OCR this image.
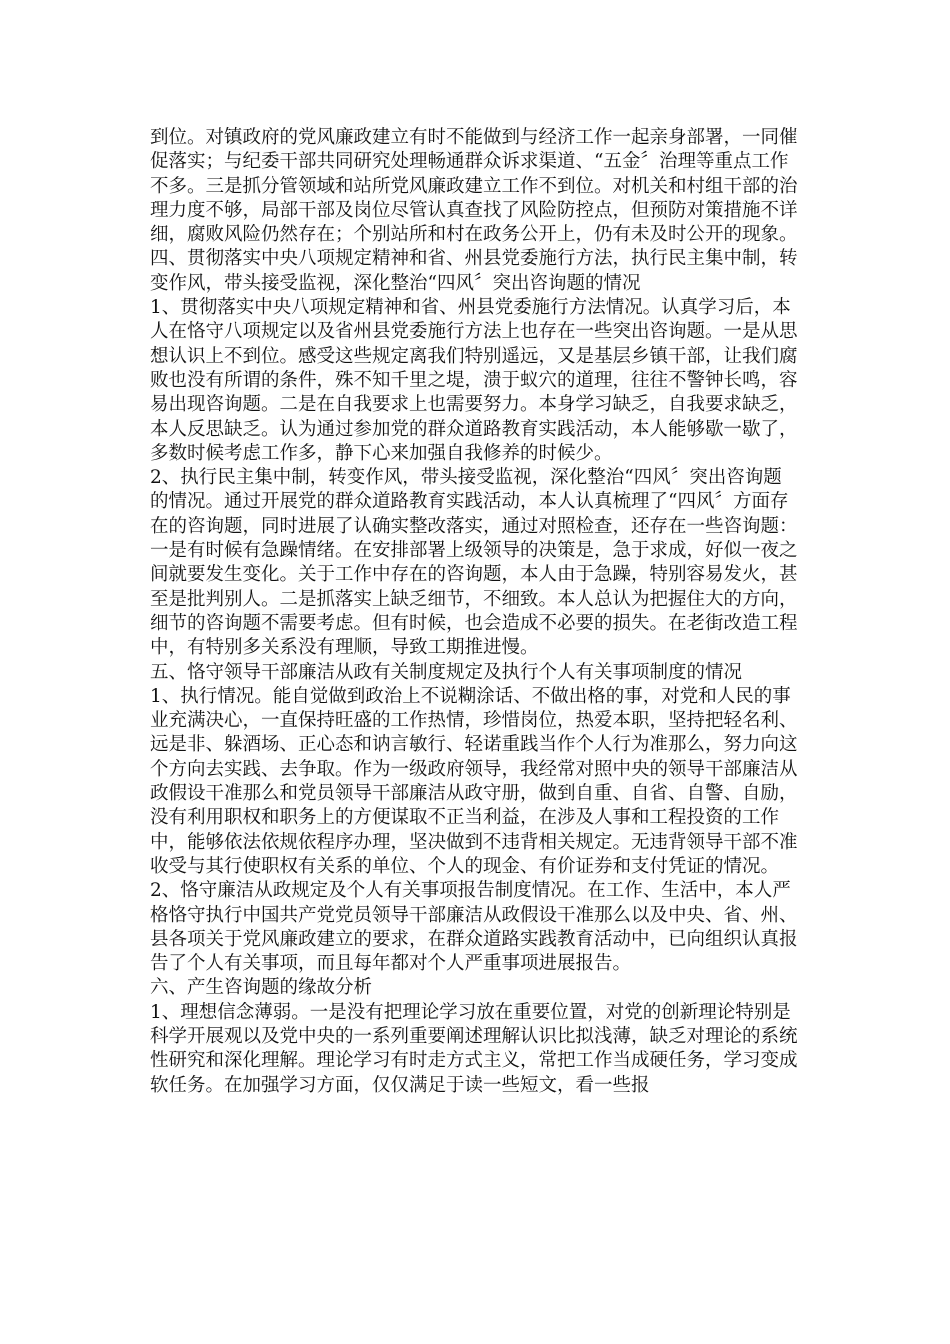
到位。对镇政府的党风廉政建立有时不能做到与经济工作一起亲身部署，一同催促落实；与纪委干部共同研究处理畅通群众诉求渠道、“五金〞治理等重点工作不多。三是抓分管领域和站所党风廉政建立工作不到位。对机关和村组干部的治理力度不够，局部干部及岗位尽管认真查找了风险防控点，但预防对策措施不详细，腐败风险仍然存在；个别站所和村在政务公开上，仍有未及时公开的现象。

四、贯彻落实中央八项规定精神和省、州县党委施行方法，执行民主集中制，转变作风，带头接受监视，深化整治“四风〞突出咨询题的情况

1、贯彻落实中央八项规定精神和省、州县党委施行方法情况。认真学习后，本人在恪守八项规定以及省州县党委施行方法上也存在一些突出咨询题。一是从思想认识上不到位。感受这些规定离我们特别遥远，又是基层乡镇干部，让我们腐败也没有所谓的条件，殊不知千里之堤，溃于蚁穴的道理，往往不警钟长鸣，容易出现咨询题。二是在自我要求上也需要努力。本身学习缺乏，自我要求缺乏，本人反思缺乏。认为通过参加党的群众道路教育实践活动，本人能够歇一歇了，

多数时候考虑工作多，静下心来加强自我修养的时候少。

2、执行民主集中制，转变作风，带头接受监视，深化整治“四风〞突出咨询题的情况。通过开展党的群众道路教育实践活动，本人认真梳理了“四风〞方面存在的咨询题，同时进展了认确实整改落实，通过对照检查，还存在一些咨询题：一是有时候有急躁情绪。在安排部署上级领导的决策是，急于求成，好似一夜之间就要发生变化。关于工作中存在的咨询题，本人由于急躁，特别容易发火，甚至是批判别人。二是抓落实上缺乏细节，不细致。本人总认为把握住大的方向，细节的咨询题不需要考虑。但有时候，也会造成不必要的损失。在老街改造工程中，有特别多关系没有理顺，导致工期推进慢。

五、恪守领导干部廉洁从政有关制度规定及执行个人有关事项制度的情况

1、执行情况。能自觉做到政治上不说糊涂话、不做出格的事，对党和人民的事业充满决心，一直保持旺盛的工作热情，珍惜岗位，热爱本职，坚持把轻名利、远是非、躲酒场、正心态和讷言敏行、轻诺重践当作个人行为准那么，努力向这个方向去实践、去争取。作为一级政府领导，我经常对照中央的领导干部廉洁从政假设干准那么和党员领导干部廉洁从政守册，做到自重、自省、自警、自励，没有利用职权和职务上的方便谋取不正当利益，在涉及人事和工程投资的工作中，能够依法依规依程序办理，坚决做到不违背相关规定。无违背领导干部不准收受与其行使职权有关系的单位、个人的现金、有价证券和支付凭证的情况。

2、恪守廉洁从政规定及个人有关事项报告制度情况。在工作、生活中，本人严格恪守执行中国共产党党员领导干部廉洁从政假设干准那么以及中央、省、州、县各项关于党风廉政建立的要求，在群众道路实践教育活动中，已向组织认真报告了个人有关事项，而且每年都对个人严重事项进展报告。

六、产生咨询题的缘故分析

1、理想信念薄弱。一是没有把理论学习放在重要位置，对党的创新理论特别是科学开展观以及党中央的一系列重要阐述理解认识比拟浅薄，缺乏对理论的系统性研究和深化理解。理论学习有时走方式主义，常把工作当成硬任务，学习变成软任务。在加强学习方面，仅仅满足于读一些短文，看一些报
